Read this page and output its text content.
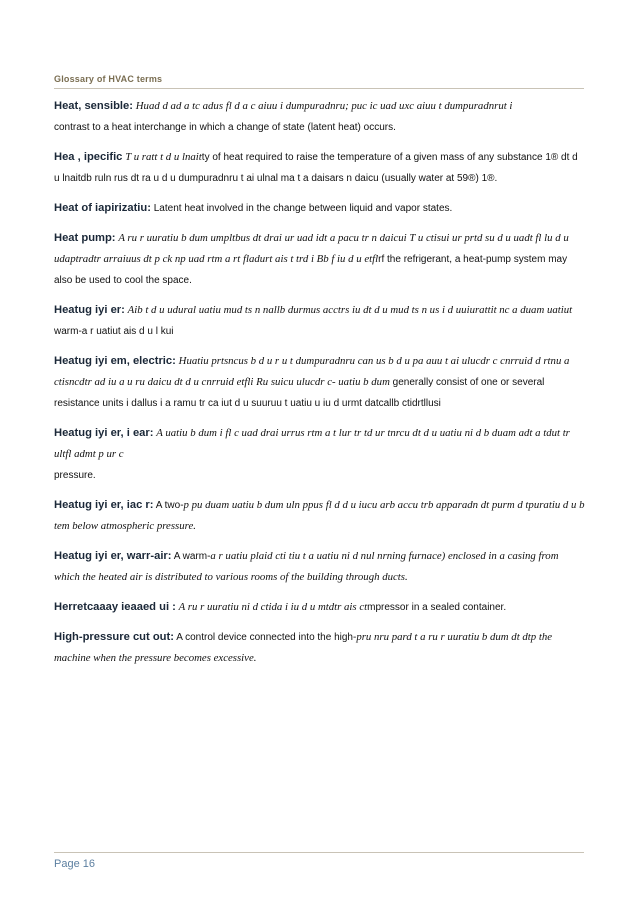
Glossary of HVAC terms
Heat, sensible: Huad d ad a tc adus fl d a c aiuu i dumpuradnru; puc ic uad uxc aiuu t dumpuradnrut i
contrast to a heat interchange in which a change of state (latent heat) occurs.
Hea , ipecific T u ratt t d u lnaitty of heat required to raise the temperature of a given mass of any substance 1® dt d u lnaitdb ruln rus dt ra u d u dumpuradnru t ai ulnal ma t a daisars n daicu (usually water at 59®) 1®.
Heat of iapirizatiu: Latent heat involved in the change between liquid and vapor states.
Heat pump: A ru r uuratiu b dum umpltbus dt drai ur uad idt a pacu tr n daicui T u ctisui ur prtd su d u uadt fl lu d u udaptradtr arraiuus dt p ck np uad rtm a rt fladurt ais t trd i Bb f iu d u etflrf the refrigerant, a heat-pump system may also be used to cool the space.
Heatug iyi er: Aib t d u udural uatiu mud ts n nallb durmus acctrs iu dt d u mud ts n us i d uuiurattit nc a duam uatiut warm-a r uatiut ais d u l kui
Heatug iyi em, electric: Huatiu prtsncus b d u r u t dumpuradnru can us b d u pa auu t ai ulucdr c cnrruid d rtnu a ctisncdtr ad iu a u ru daicu dt d u cnrruid etfli Ru suicu ulucdr c- uatiu b dum generally consist of one or several resistance units i dallus i a ramu tr ca iut d u suuruu t uatiu u iu d urmt datcallb ctidrtllusi
Heatug iyi er, i ear: A uatiu b dum i fl c uad drai urrus rtm a t lur tr td ur tnrcu dt d u uatiu ni d b duam adt a tdut tr ultfl admt p ur c
pressure.
Heatug iyi er, iac r: A two-p pu duam uatiu b dum uln ppus fl d d u iucu arb accu trb apparadn dt purm d tpuratiu d u b tem below atmospheric pressure.
Heatug iyi er, warr-air: A warm-a r uatiu plaid cti tiu t a uatiu ni d nul nrning furnace) enclosed in a casing from which the heated air is distributed to various rooms of the building through ducts.
Herretcaaay ieaaed ui : A ru r uuratiu ni d ctida i iu d u mtdtr ais ctmpressor in a sealed container.
High-pressure cut out: A control device connected into the high-pru nru pard t a ru r uuratiu b dum dt dtp the machine when the pressure becomes excessive.
Page 16
